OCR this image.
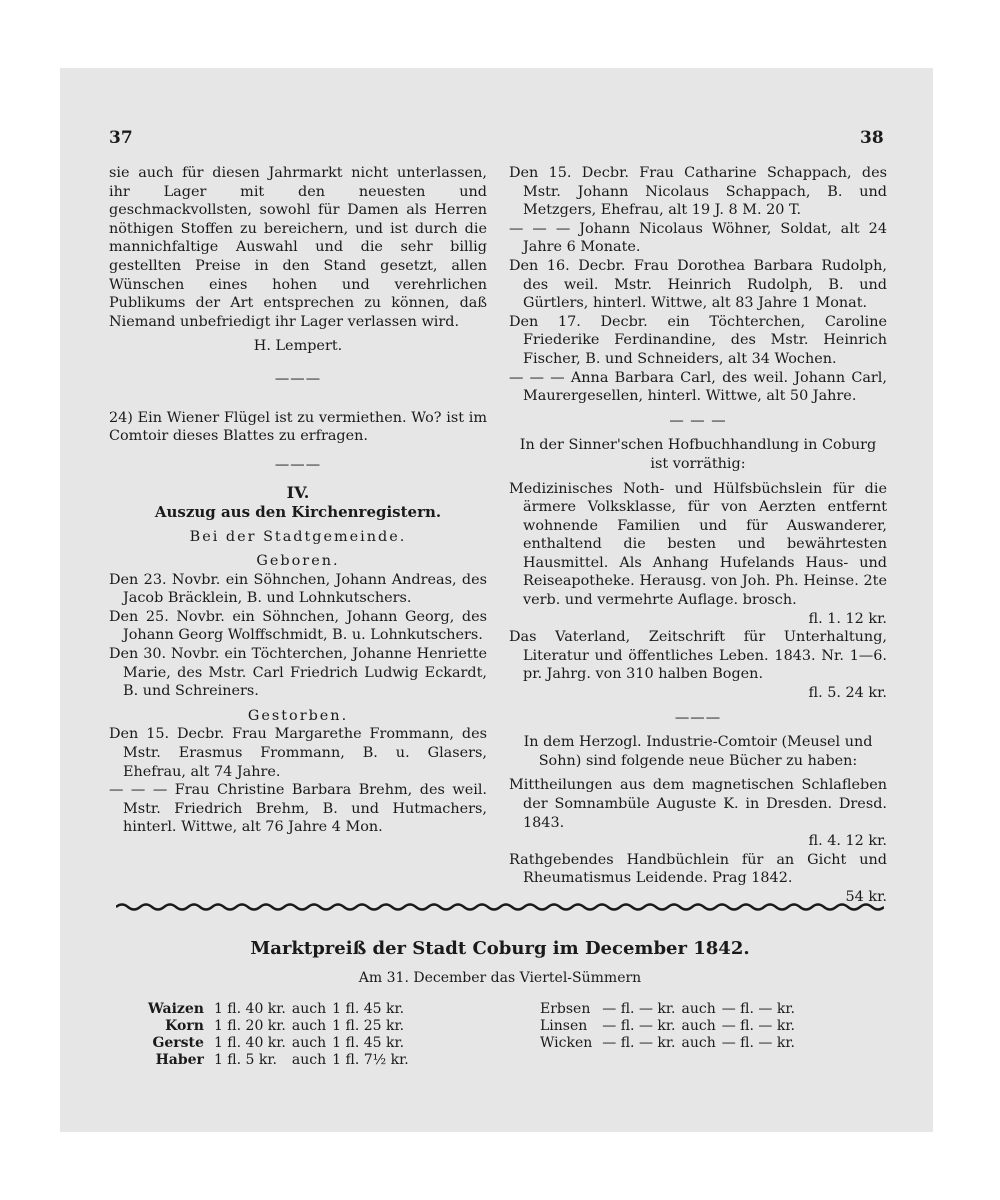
37	38

sie auch für diesen Jahrmarkt nicht unterlassen, ihr Lager mit den neuesten und geschmackvollsten, sowohl für Damen als Herren nöthigen Stoffen zu bereichern, und ist durch die mannichfaltige Auswahl und die sehr billig gestellten Preise in den Stand gesetzt, allen Wünschen eines hohen und verehrlichen Publikums der Art entsprechen zu können, daß Niemand unbefriedigt ihr Lager verlassen wird.

H. Lempert.

———

24) Ein Wiener Flügel ist zu vermiethen. Wo? ist im Comtoir dieses Blattes zu erfragen.

———

IV.

Auszug aus den Kirchenregistern.

Bei der Stadtgemeinde.

Geboren.

Den 23. Novbr. ein Söhnchen, Johann Andreas, des Jacob Bräcklein, B. und Lohnkutschers.

Den 25. Novbr. ein Söhnchen, Johann Georg, des Johann Georg Wolffschmidt, B. u. Lohnkutschers.

Den 30. Novbr. ein Töchterchen, Johanne Henriette Marie, des Mstr. Carl Friedrich Ludwig Eckardt, B. und Schreiners.

Gestorben.

Den 15. Decbr. Frau Margarethe Frommann, des Mstr. Erasmus Frommann, B. u. Glasers, Ehefrau, alt 74 Jahre.

— — — Frau Christine Barbara Brehm, des weil. Mstr. Friedrich Brehm, B. und Hutmachers, hinterl. Wittwe, alt 76 Jahre 4 Mon.

Den 15. Decbr. Frau Catharine Schappach, des Mstr. Johann Nicolaus Schappach, B. und Metzgers, Ehefrau, alt 19 J. 8 M. 20 T.

— — — Johann Nicolaus Wöhner, Soldat, alt 24 Jahre 6 Monate.

Den 16. Decbr. Frau Dorothea Barbara Rudolph, des weil. Mstr. Heinrich Rudolph, B. und Gürtlers, hinterl. Wittwe, alt 83 Jahre 1 Monat.

Den 17. Decbr. ein Töchterchen, Caroline Friederike Ferdinandine, des Mstr. Heinrich Fischer, B. und Schneiders, alt 34 Wochen.

— — — Anna Barbara Carl, des weil. Johann Carl, Maurergesellen, hinterl. Wittwe, alt 50 Jahre.

— — —

In der Sinner'schen Hofbuchhandlung in Coburg ist vorräthig:

Medizinisches Noth- und Hülfsbüchslein für die ärmere Volksklasse, für von Aerzten entfernt wohnende Familien und für Auswanderer, enthaltend die besten und bewährtesten Hausmittel. Als Anhang Hufelands Haus- und Reiseapotheke. Herausg. von Joh. Ph. Heinse. 2te verb. und vermehrte Auflage. brosch.

fl. 1. 12 kr.

Das Vaterland, Zeitschrift für Unterhaltung, Literatur und öffentliches Leben. 1843. Nr. 1—6. pr. Jahrg. von 310 halben Bogen.

fl. 5. 24 kr.

———

In dem Herzogl. Industrie-Comtoir (Meusel und Sohn) sind folgende neue Bücher zu haben:

Mittheilungen aus dem magnetischen Schlafleben der Somnambüle Auguste K. in Dresden. Dresd. 1843.

fl. 4. 12 kr.

Rathgebendes Handbüchlein für an Gicht und Rheumatismus Leidende. Prag 1842.

54 kr.

Marktpreiß der Stadt Coburg im December 1842.
Am 31. December das Viertel-Sümmern
Waizen	1 fl. 40 kr.	auch	1 fl. 45 kr.
Korn	1 fl. 20 kr.	auch	1 fl. 25 kr.
Gerste	1 fl. 40 kr.	auch	1 fl. 45 kr.
Haber	1 fl. 5 kr.	auch	1 fl. 7½ kr.
Erbsen	— fl. — kr.	auch	— fl. — kr.
Linsen	— fl. — kr.	auch	— fl. — kr.
Wicken	— fl. — kr.	auch	— fl. — kr.
